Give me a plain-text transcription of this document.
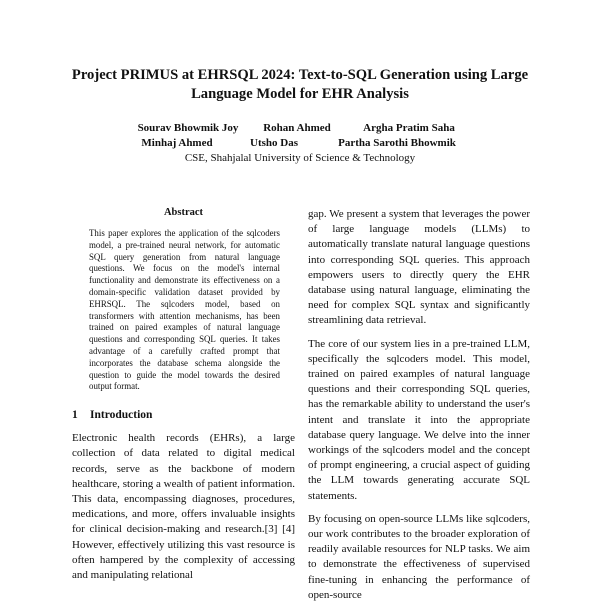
Project PRIMUS at EHRSQL 2024: Text-to-SQL Generation using Large
Language Model for EHR Analysis
Sourav Bhowmik Joy	Rohan Ahmed	Argha Pratim Saha
Minhaj Ahmed	Utsho Das	Partha Sarothi Bhowmik
CSE, Shahjalal University of Science & Technology
Abstract
This paper explores the application of the sqlcoders model, a pre-trained neural network, for automatic SQL query generation from natural language questions. We focus on the model's internal functionality and demonstrate its effectiveness on a domain-specific validation dataset provided by EHRSQL. The sqlcoders model, based on transformers with attention mechanisms, has been trained on paired examples of natural language questions and corresponding SQL queries. It takes advantage of a carefully crafted prompt that incorporates the database schema alongside the question to guide the model towards the desired output format.
1 Introduction

Electronic health records (EHRs), a large collection of data related to digital medical records, serve as the backbone of modern healthcare, storing a wealth of patient information. This data, encompassing diagnoses, procedures, medications, and more, offers invaluable insights for clinical decision-making and research.[3] [4] However, effectively utilizing this vast resource is often hampered by the complexity of accessing and manipulating relational

gap. We present a system that leverages the power of large language models (LLMs) to automatically translate natural language questions into corresponding SQL queries. This approach empowers users to directly query the EHR database using natural language, eliminating the need for complex SQL syntax and significantly streamlining data retrieval.

The core of our system lies in a pre-trained LLM, specifically the sqlcoders model. This model, trained on paired examples of natural language questions and their corresponding SQL queries, has the remarkable ability to understand the user's intent and translate it into the appropriate database query language. We delve into the inner workings of the sqlcoders model and the concept of prompt engineering, a crucial aspect of guiding the LLM towards generating accurate SQL statements.

By focusing on open-source LLMs like sqlcoders, our work contributes to the broader exploration of readily available resources for NLP tasks. We aim to demonstrate the effectiveness of supervised fine-tuning in enhancing the performance of open-source
